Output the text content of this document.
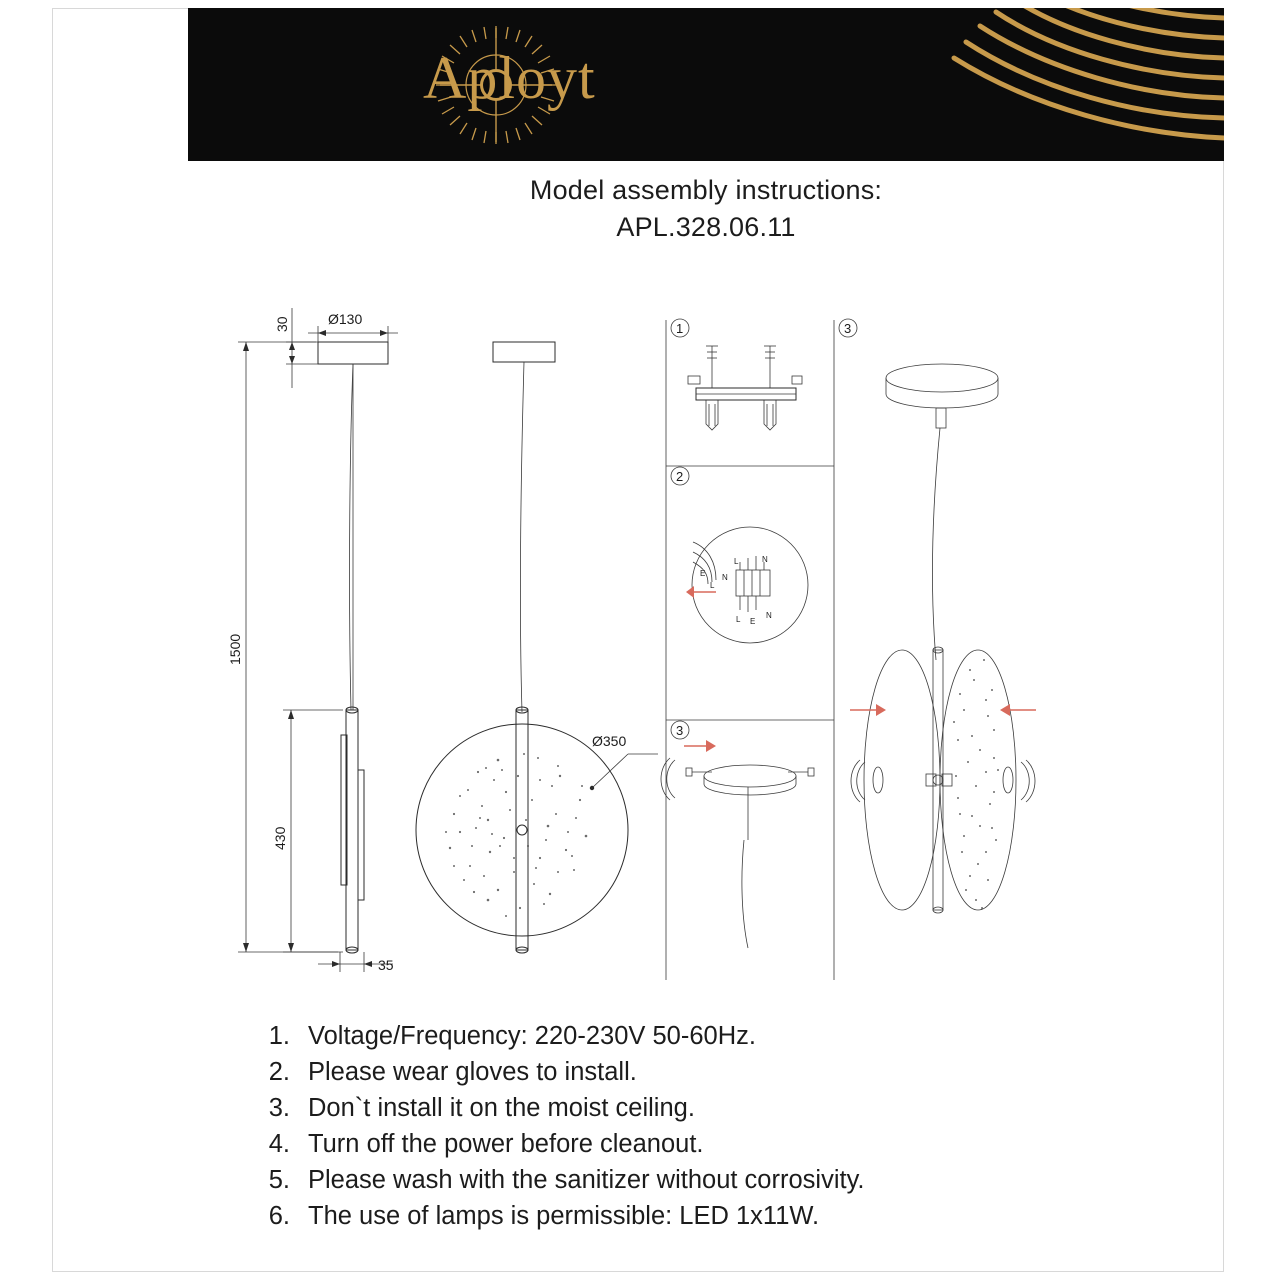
Aployt
Model assembly instructions:
APL.328.06.11
Ø130
30
1500
430
35
Ø350
1
2
E
L
N
L	N
L E
N
3
3
1. Voltage/Frequency: 220-230V 50-60Hz.
2. Please wear gloves to install.
3. Don`t install it on the moist ceiling.
4. Turn off the power before cleanout.
5. Please wash with the sanitizer without corrosivity.
6. The use of lamps is permissible: LED 1x11W.
